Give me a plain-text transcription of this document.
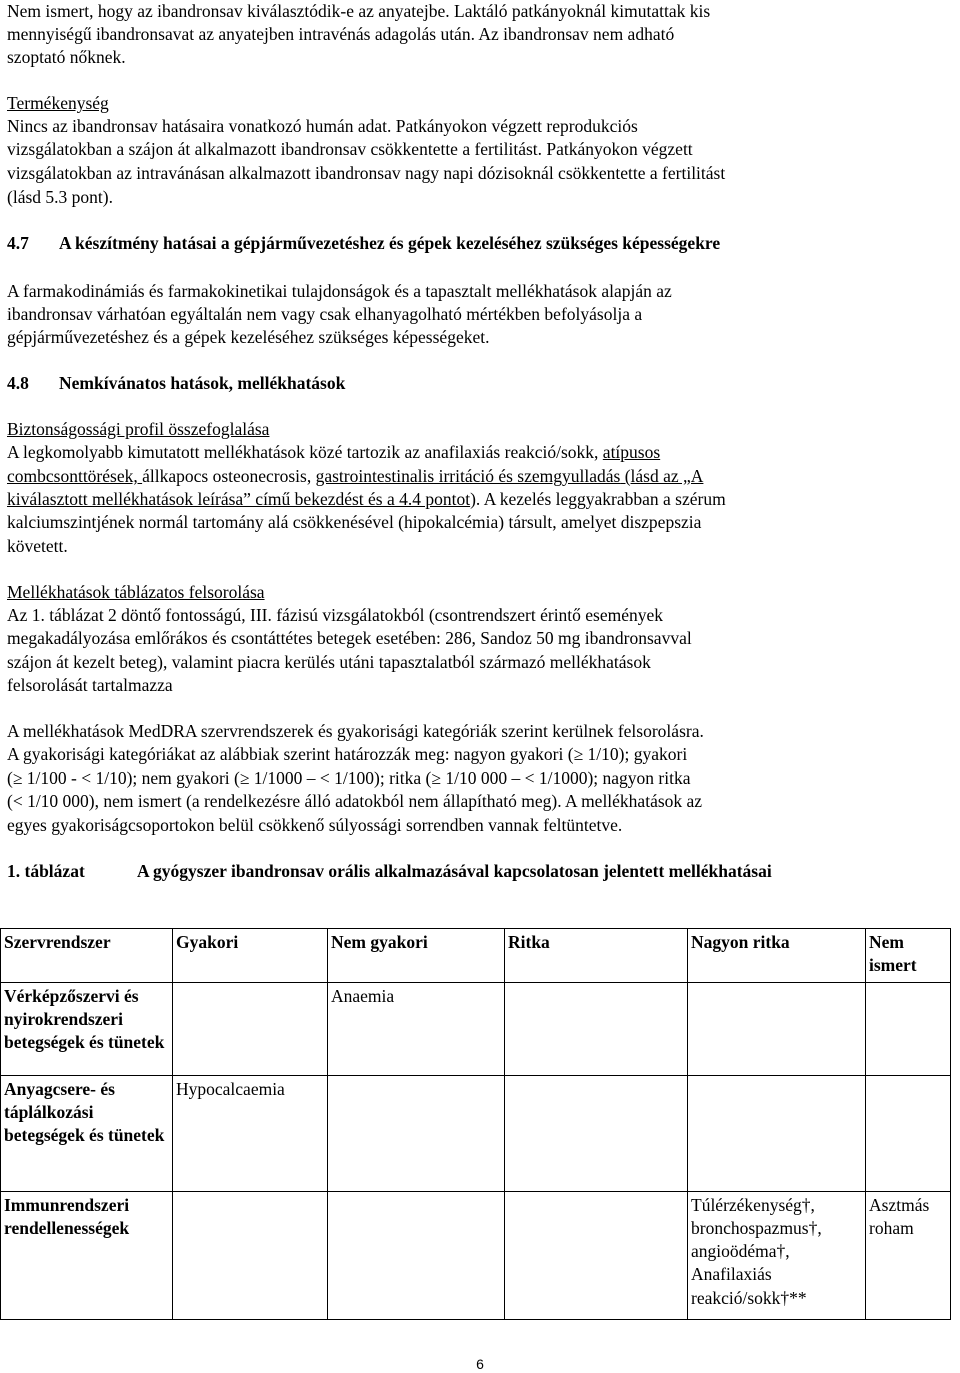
Nem ismert, hogy az ibandronsav kiválasztódik-e az anyatejbe. Laktáló patkányoknál kimutattak kis

mennyiségű ibandronsavat az anyatejben intravénás adagolás után. Az ibandronsav nem adható

szoptató nőknek.

Termékenység

Nincs az ibandronsav hatásaira vonatkozó humán adat. Patkányokon végzett reprodukciós

vizsgálatokban a szájon át alkalmazott ibandronsav csökkentette a fertilitást. Patkányokon végzett

vizsgálatokban az intravánásan alkalmazott ibandronsav nagy napi dózisoknál csökkentette a fertilitást

(lásd 5.3 pont).

4.7	A készítmény hatásai a gépjárművezetéshez és gépek kezeléséhez szükséges képességekre

A farmakodinámiás és farmakokinetikai tulajdonságok és a tapasztalt mellékhatások alapján az

ibandronsav várhatóan egyáltalán nem vagy csak elhanyagolható mértékben befolyásolja a

gépjárművezetéshez és a gépek kezeléséhez szükséges képességeket.

4.8	Nemkívánatos hatások, mellékhatások

Biztonságossági profil összefoglalása

A legkomolyabb kimutatott mellékhatások közé tartozik az anafilaxiás reakció/sokk, atípusos

combcsonttörések, állkapocs osteonecrosis, gastrointestinalis irritáció és szemgyulladás (lásd az „A

kiválasztott mellékhatások leírása” című bekezdést és a 4.4 pontot). A kezelés leggyakrabban a szérum

kalciumszintjének normál tartomány alá csökkenésével (hipokalcémia) társult, amelyet diszpepszia

követett.

Mellékhatások táblázatos felsorolása

Az 1. táblázat 2 döntő fontosságú, III. fázisú vizsgálatokból (csontrendszert érintő események

megakadályozása emlőrákos és csontáttétes betegek esetében: 286, Sandoz 50 mg ibandronsavval

szájon át kezelt beteg), valamint piacra kerülés utáni tapasztalatból származó mellékhatások

felsorolását tartalmazza

A mellékhatások MedDRA szervrendszerek és gyakorisági kategóriák szerint kerülnek felsorolásra.

A gyakorisági kategóriákat az alábbiak szerint határozzák meg: nagyon gyakori (≥ 1/10); gyakori

(≥ 1/100 - < 1/10); nem gyakori (≥ 1/1000 – < 1/100); ritka (≥ 1/10 000 – < 1/1000); nagyon ritka

(< 1/10 000), nem ismert (a rendelkezésre álló adatokból nem állapítható meg). A mellékhatások az

egyes gyakoriságcsoportokon belül csökkenő súlyossági sorrendben vannak feltüntetve.

1. táblázat	A gyógyszer ibandronsav orális alkalmazásával kapcsolatosan jelentett mellékhatásai
Szervrendszer	Gyakori	Nem gyakori	Ritka	Nagyon ritka	Nem ismert
Vérképzőszervi és nyirokrendszeri betegségek és tünetek		Anaemia			
Anyagcsere- és táplálkozási betegségek és tünetek	Hypocalcaemia				
Immunrendszeri rendellenességek				Túlérzékenység†, bronchospazmus†, angioödéma†, Anafilaxiás reakció/sokk†**	Asztmás roham
6
